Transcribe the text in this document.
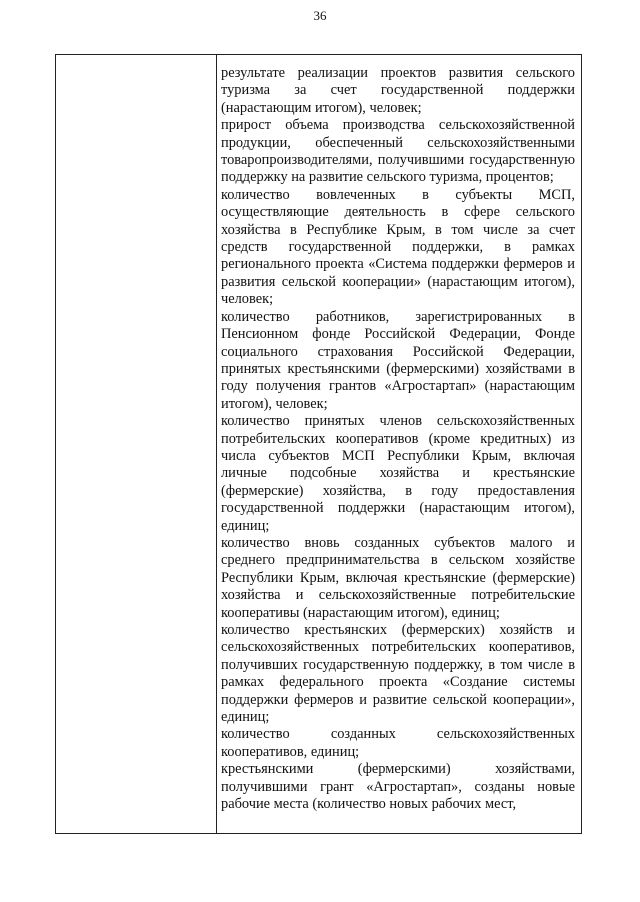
36

результате реализации проектов развития сельского туризма за счет государственной поддержки (нарастающим итогом), человек;

прирост объема производства сельскохозяйственной продукции, обеспеченный сельскохозяйственными товаропроизводителями, получившими государственную поддержку на развитие сельского туризма, процентов;

количество вовлеченных в субъекты МСП, осуществляющие деятельность в сфере сельского хозяйства в Республике Крым, в том числе за счет средств государственной поддержки, в рамках регионального проекта «Система поддержки фермеров и развития сельской кооперации» (нарастающим итогом), человек;

количество работников, зарегистрированных в Пенсионном фонде Российской Федерации, Фонде социального страхования Российской Федерации, принятых крестьянскими (фермерскими) хозяйствами в году получения грантов «Агростартап» (нарастающим итогом), человек;

количество принятых членов сельскохозяйственных потребительских кооперативов (кроме кредитных) из числа субъектов МСП Республики Крым, включая личные подсобные хозяйства и крестьянские (фермерские) хозяйства, в году предоставления государственной поддержки (нарастающим итогом), единиц;

количество вновь созданных субъектов малого и среднего предпринимательства в сельском хозяйстве Республики Крым, включая крестьянские (фермерские) хозяйства и сельскохозяйственные потребительские кооперативы (нарастающим итогом), единиц;

количество крестьянских (фермерских) хозяйств и сельскохозяйственных потребительских кооперативов, получивших государственную поддержку, в том числе в рамках федерального проекта «Создание системы поддержки фермеров и развитие сельской кооперации», единиц;

количество созданных сельскохозяйственных кооперативов, единиц;

крестьянскими (фермерскими) хозяйствами, получившими грант «Агростартап», созданы новые рабочие места (количество новых рабочих мест,
